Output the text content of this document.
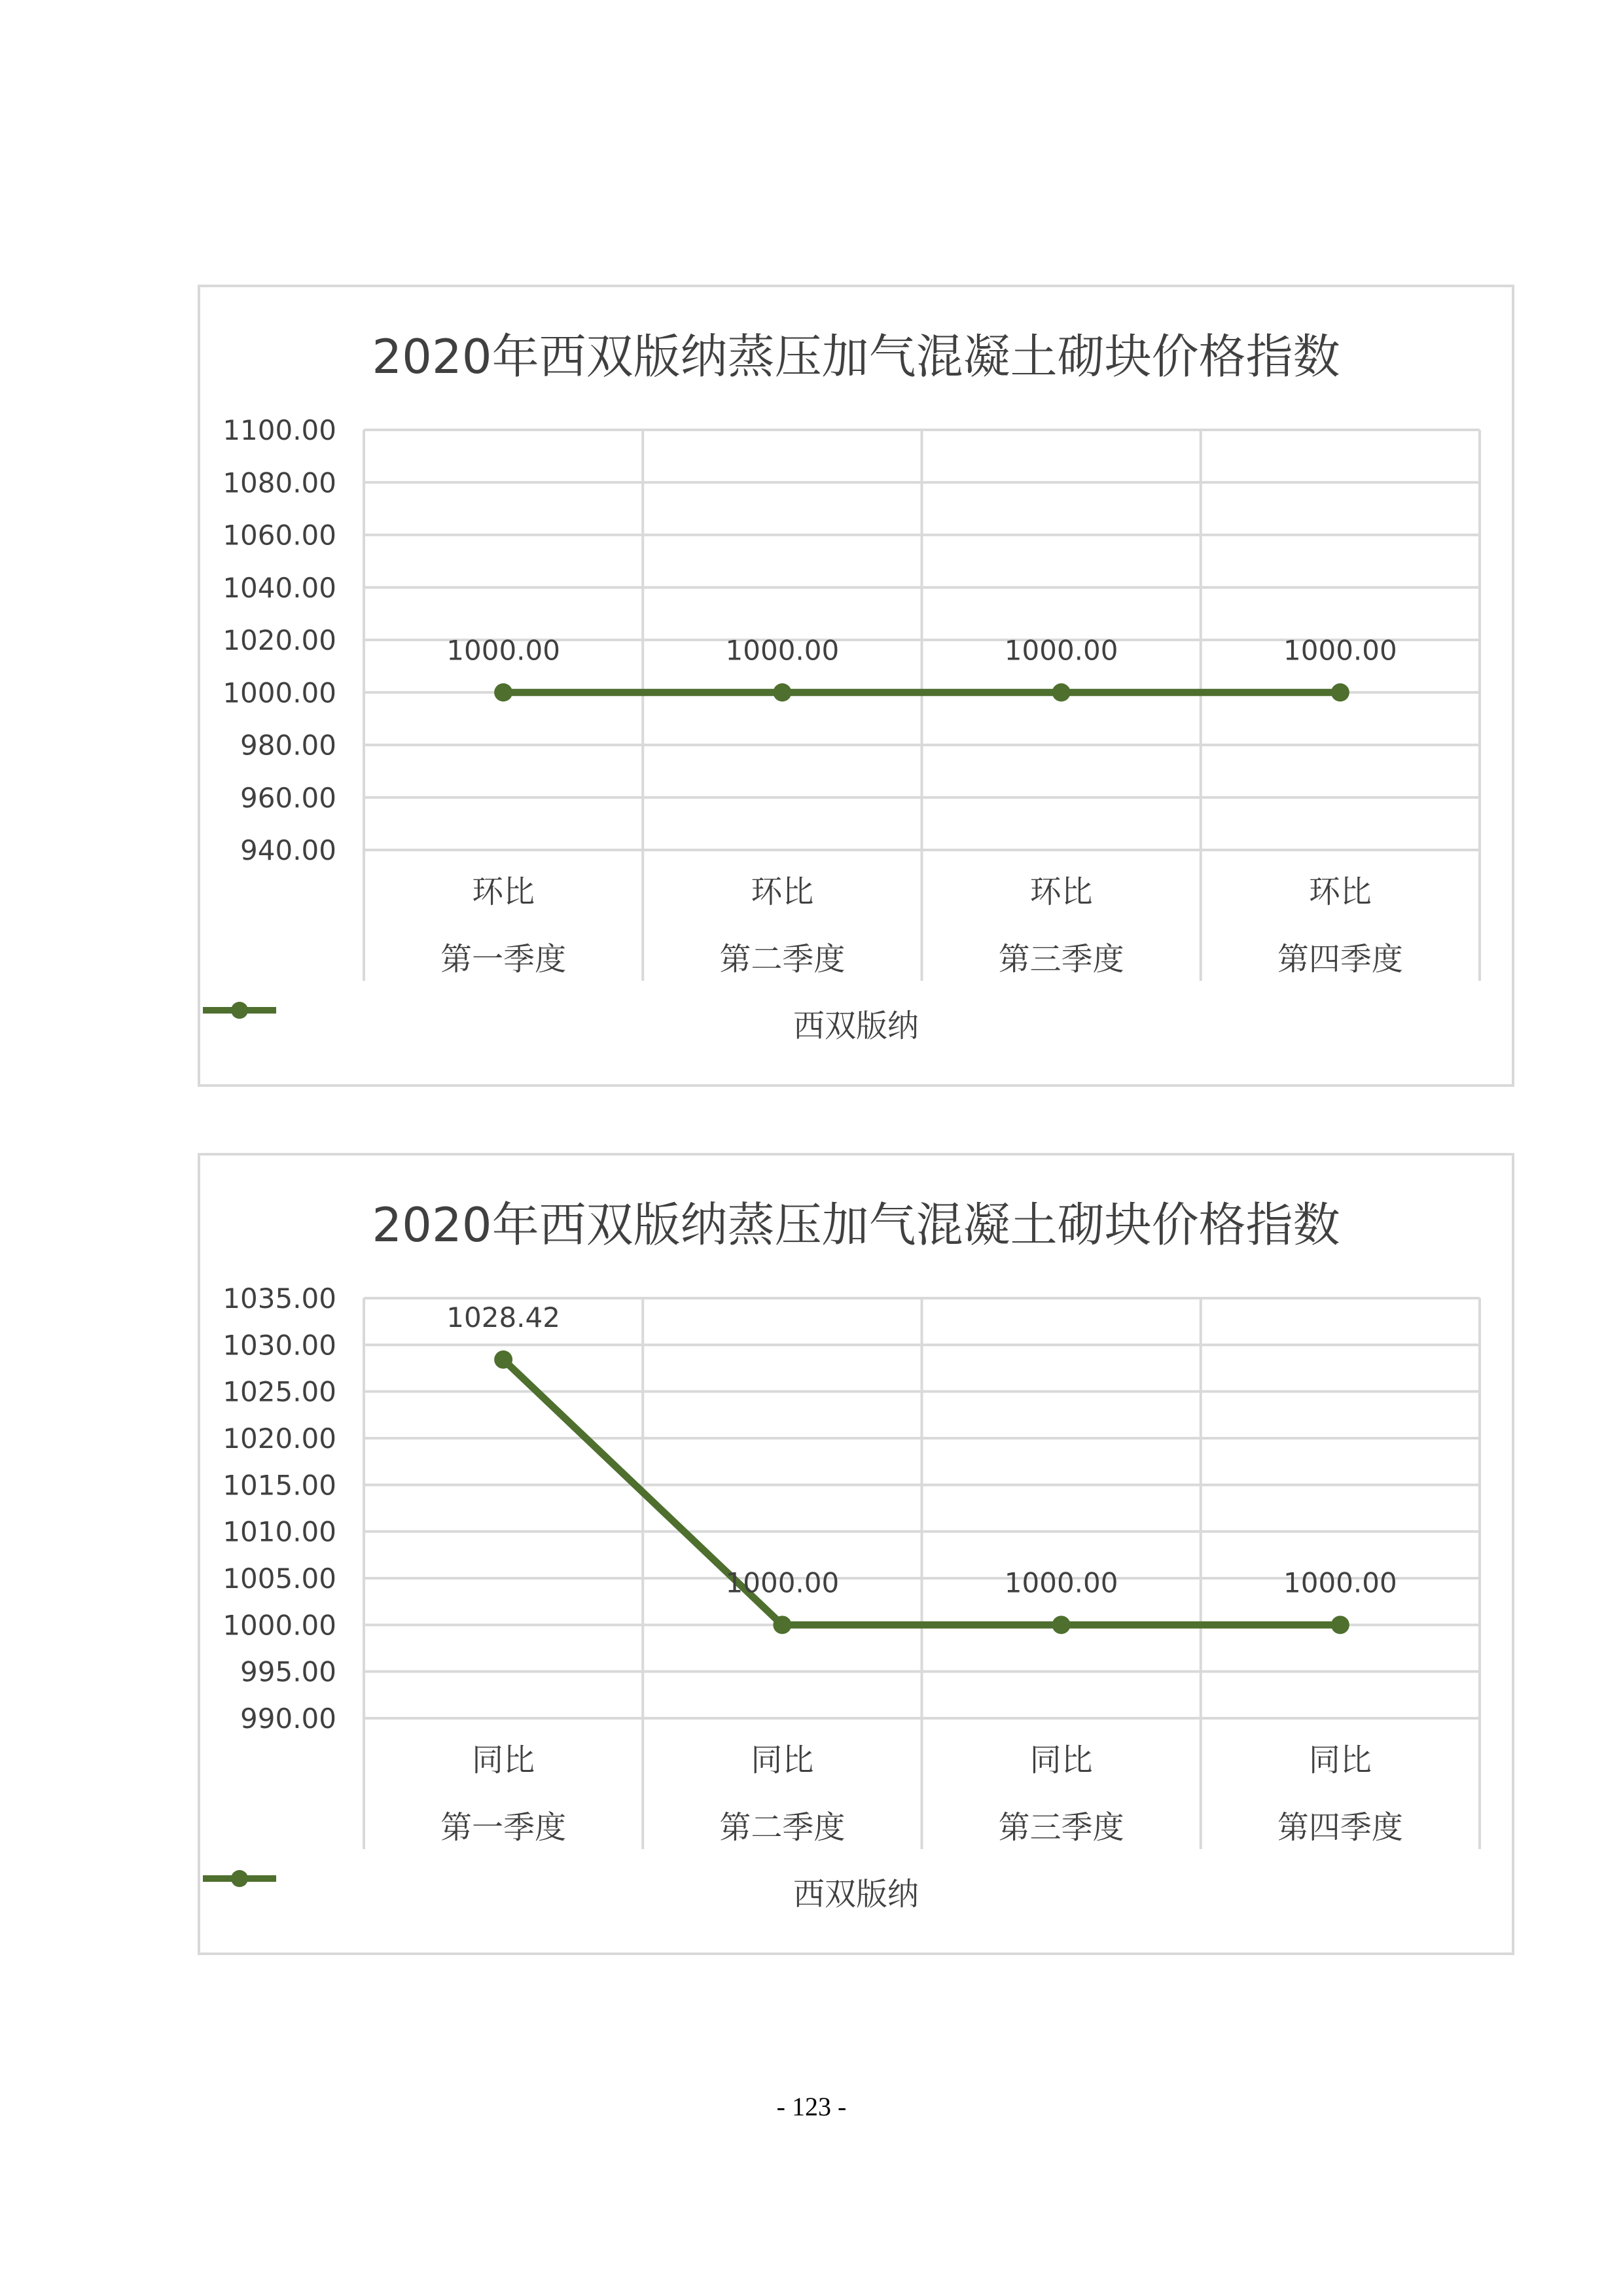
2020年西双版纳蒸压加气混凝土砌块价格指数
940.00
960.00
980.00
1000.00
1020.00
1040.00
1060.00
1080.00
1100.00
环比
第一季度
环比
第二季度
环比
第三季度
环比
第四季度
1000.00	1000.00	1000.00	1000.00
西双版纳
2020年西双版纳蒸压加气混凝土砌块价格指数
990.00
995.00
1000.00
1005.00
1010.00
1015.00
1020.00
1025.00
1030.00
1035.00
同比
第一季度
同比
第二季度
同比
第三季度
同比
第四季度
1028.42
1000.00	1000.00	1000.00
西双版纳
- 123 -
